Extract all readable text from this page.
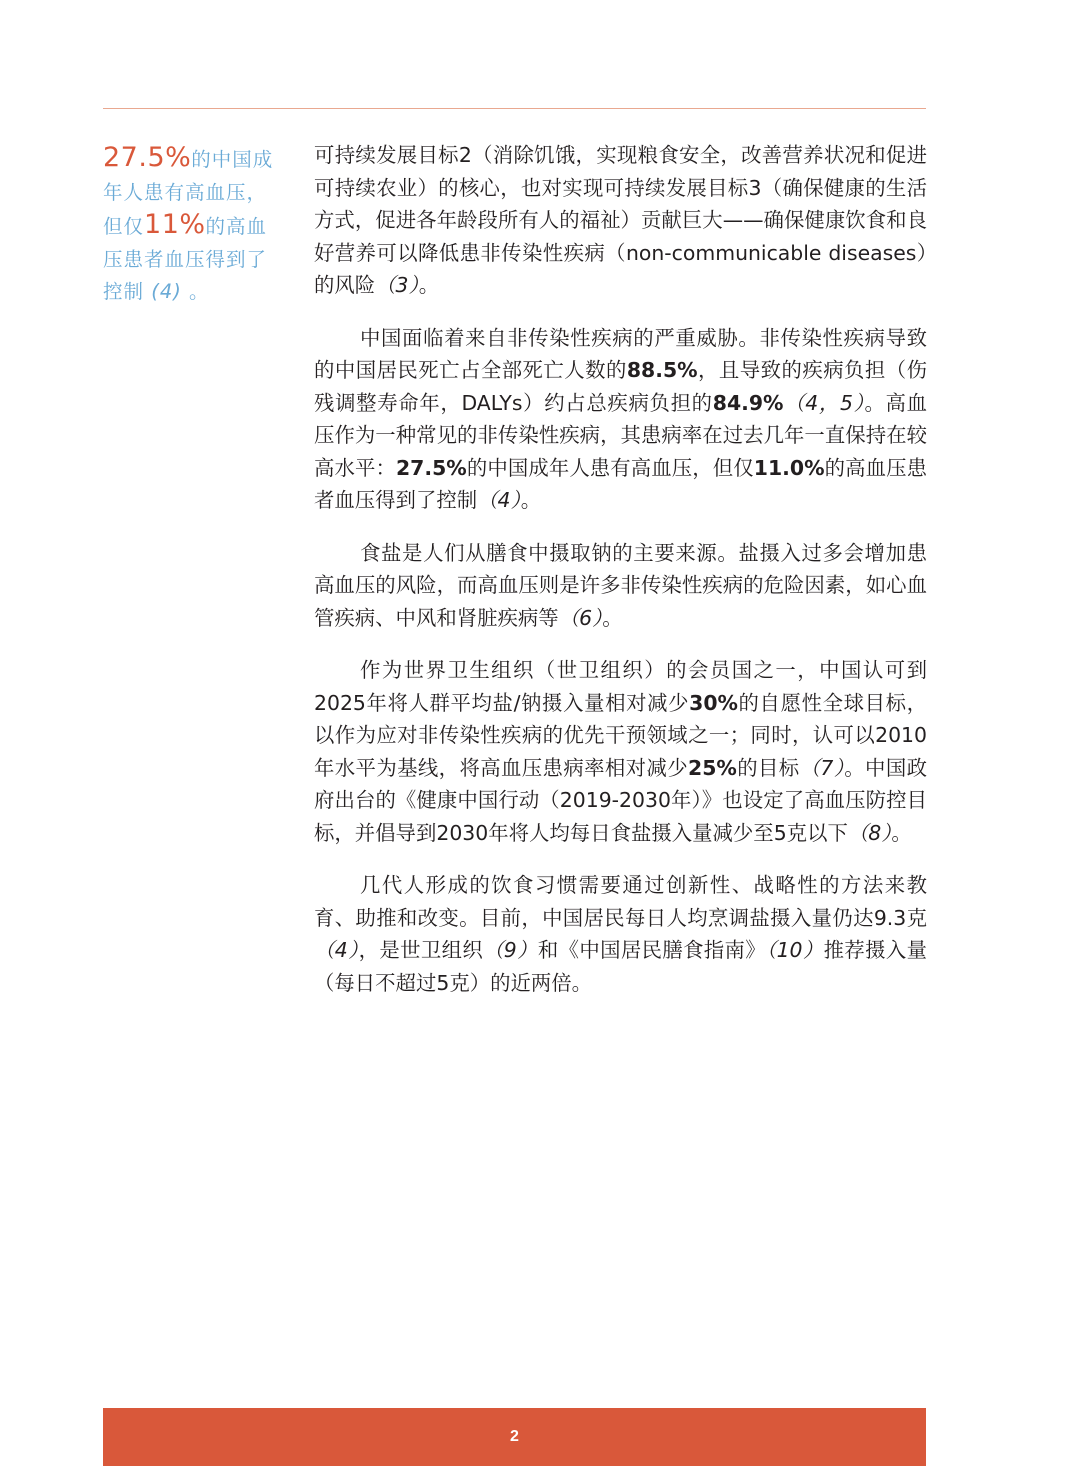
27.5%的中国成年人患有高血压，
但仅11%的高血压患者血压得到了控制 (4) 。

可持续发展目标2（消除饥饿，实现粮食安全，改善营养状况和促进可持续农业）的核心，也对实现可持续发展目标3（确保健康的生活方式，促进各年龄段所有人的福祉）贡献巨大——确保健康饮食和良好营养可以降低患非传染性疾病（non-communicable diseases）的风险（3）。

中国面临着来自非传染性疾病的严重威胁。非传染性疾病导致的中国居民死亡占全部死亡人数的88.5%，且导致的疾病负担（伤残调整寿命年，DALYs）约占总疾病负担的84.9%（4，5）。高血压作为一种常见的非传染性疾病，其患病率在过去几年一直保持在较高水平：27.5%的中国成年人患有高血压，但仅11.0%的高血压患者血压得到了控制（4）。

食盐是人们从膳食中摄取钠的主要来源。盐摄入过多会增加患高血压的风险，而高血压则是许多非传染性疾病的危险因素，如心血管疾病、中风和肾脏疾病等（6）。

作为世界卫生组织（世卫组织）的会员国之一，中国认可到2025年将人群平均盐/钠摄入量相对减少30%的自愿性全球目标，以作为应对非传染性疾病的优先干预领域之一；同时，认可以2010年水平为基线，将高血压患病率相对减少25%的目标（7）。中国政府出台的《健康中国行动（2019-2030年）》也设定了高血压防控目标，并倡导到2030年将人均每日食盐摄入量减少至5克以下（8）。

几代人形成的饮食习惯需要通过创新性、战略性的方法来教育、助推和改变。目前，中国居民每日人均烹调盐摄入量仍达9.3克（4），是世卫组织（9）和《中国居民膳食指南》（10）推荐摄入量（每日不超过5克）的近两倍。

2
